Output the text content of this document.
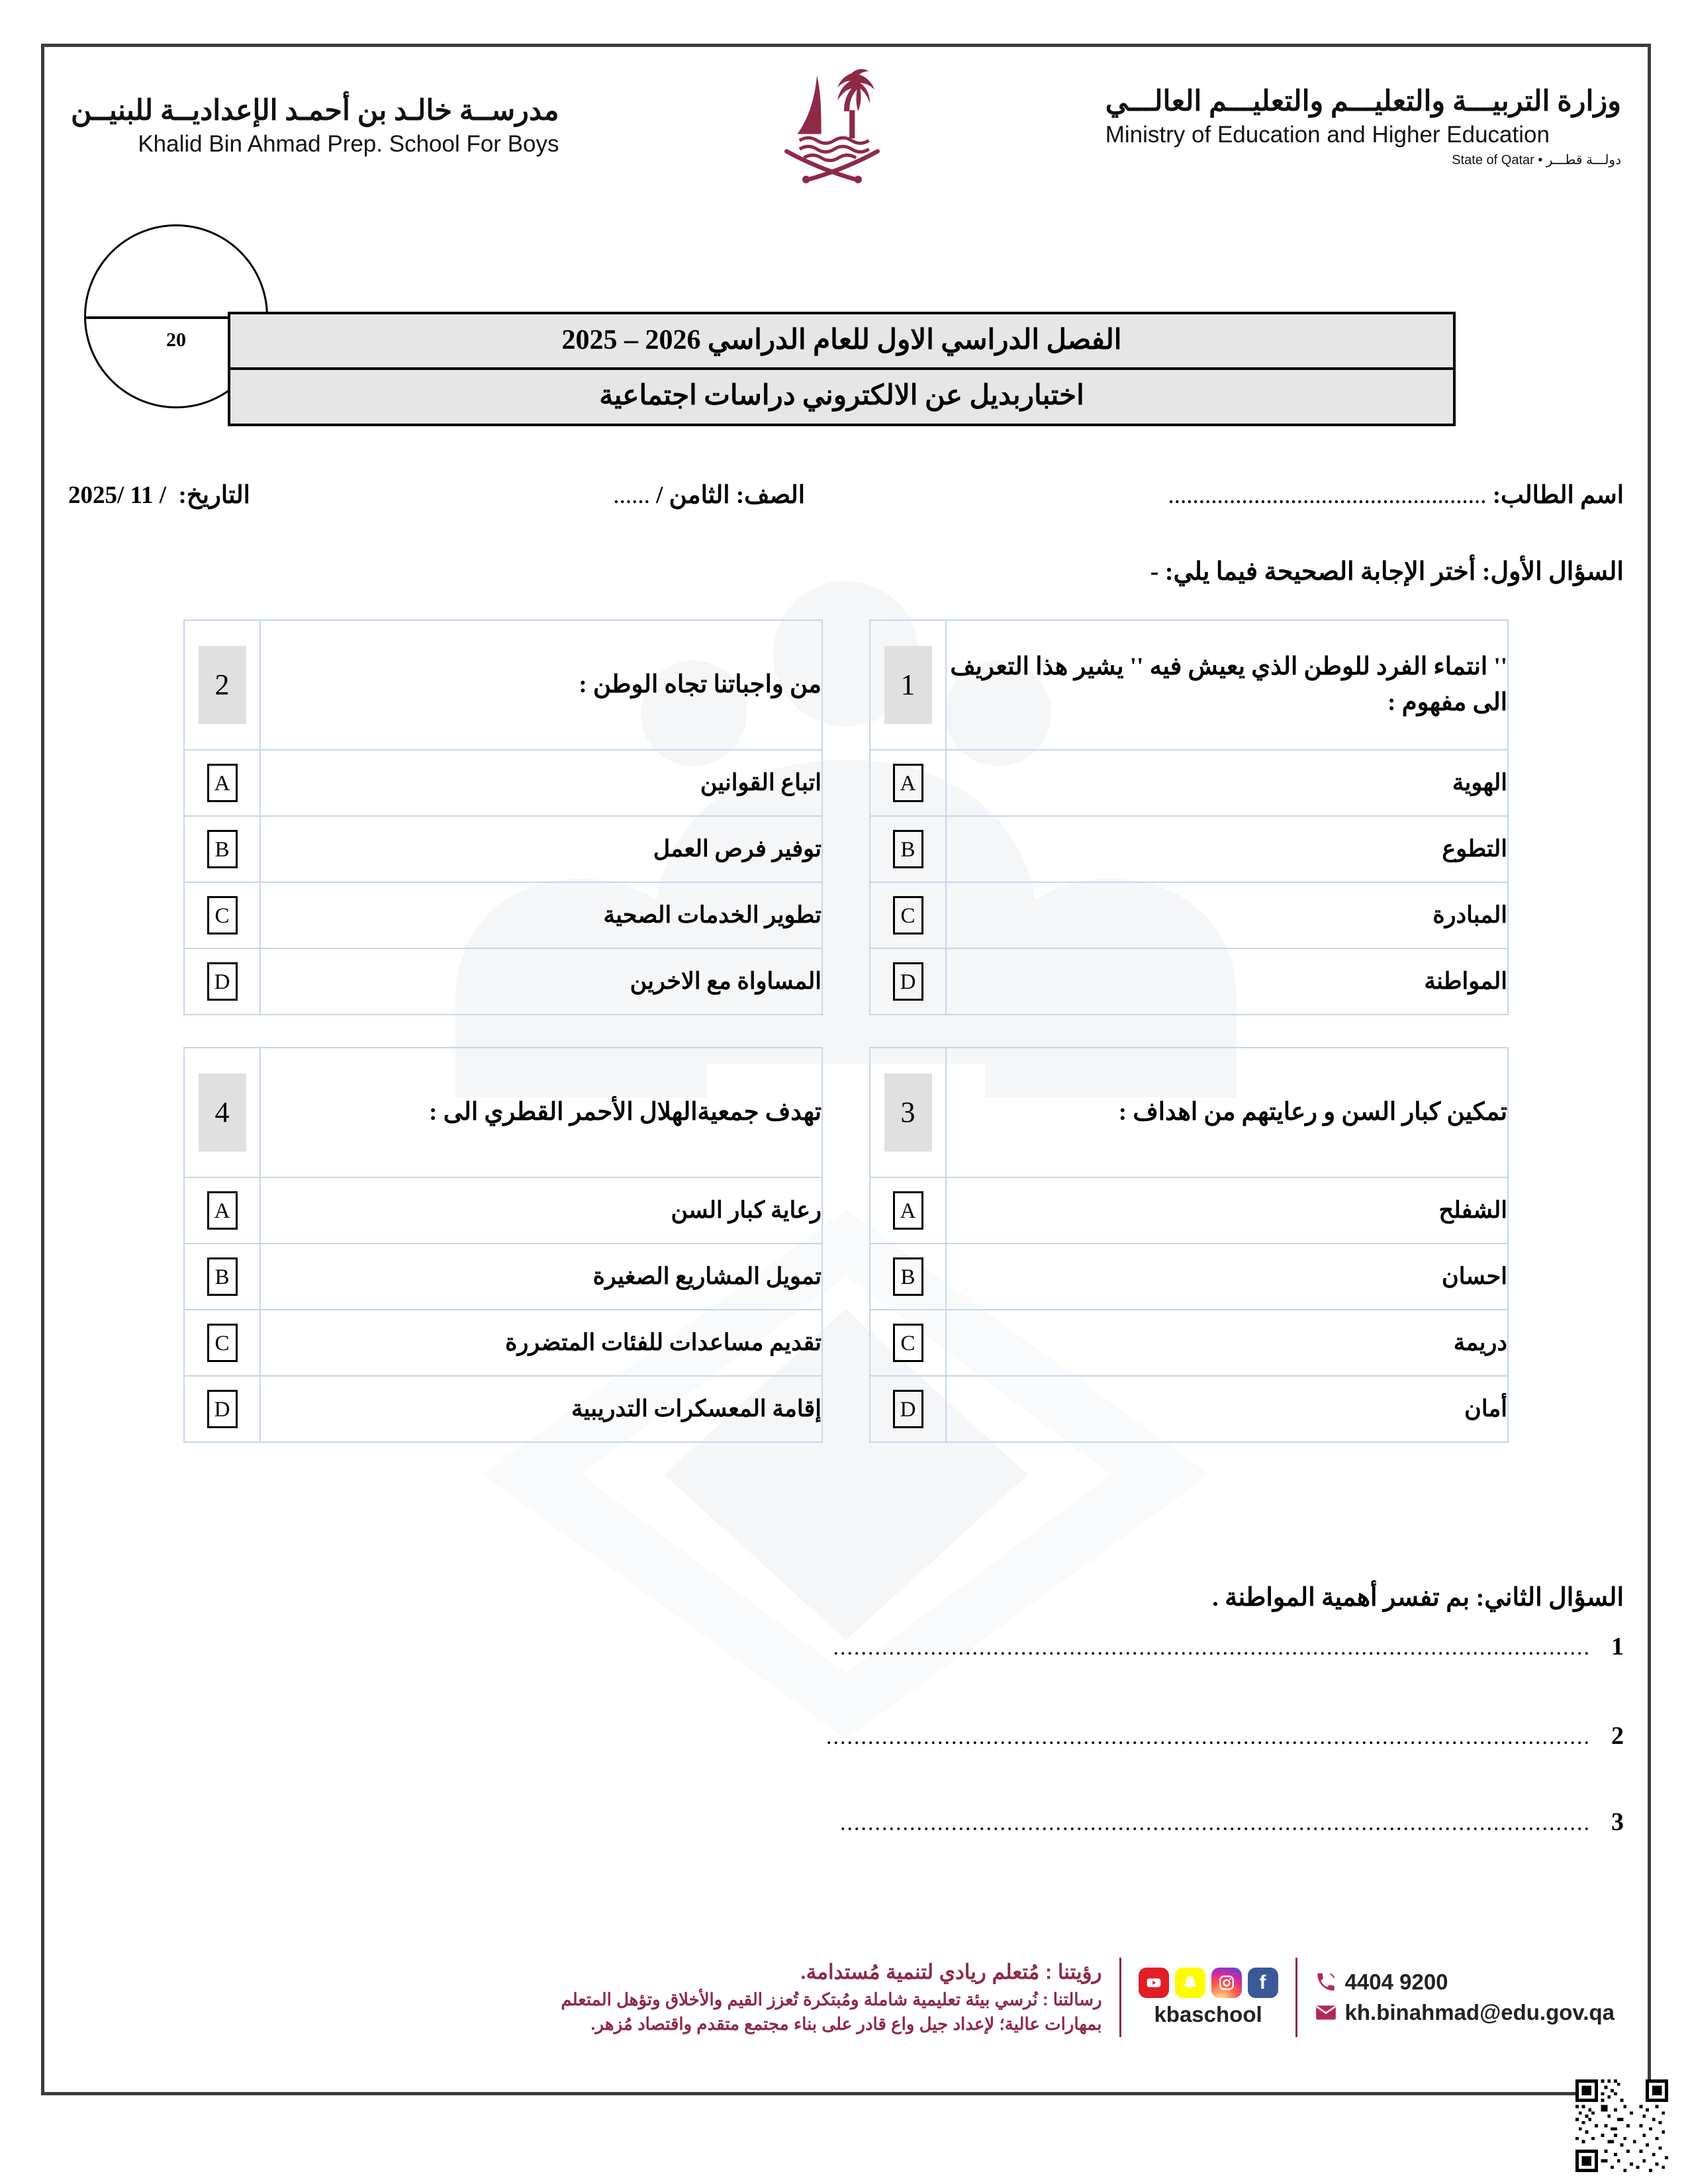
وزارة التربيـــة والتعليـــم والتعليـــم العالـــي
Ministry of Education and Higher Education
دولـــة قطـــر • State of Qatar
مدرســة خالـد بن أحمـد الإعداديــة للبنيــن
Khalid Bin Ahmad Prep. School For Boys
20	الفصل الدراسي الاول للعام الدراسي 2026 – 2025
اختباربديل عن الالكتروني دراسات اجتماعية
اسم الطالب: ....................................................
الصف: الثامن / ......
التاريخ:  / 11 /2025
السؤال الأول: أختر الإجابة الصحيحة فيما يلي: -
'' انتماء الفرد للوطن الذي يعيش فيه '' يشير هذا التعريف الى مفهوم :	1
الهوية	A
التطوع	B
المبادرة	C
المواطنة	D
من واجباتنا تجاه الوطن :	2
اتباع القوانين	A
توفير فرص العمل	B
تطوير الخدمات الصحية	C
المساواة مع الاخرين	D
تمكين كبار السن و رعايتهم من اهداف :	3
الشفلح	A
احسان	B
دريمة	C
أمان	D
تهدف جمعيةالهلال الأحمر القطري الى :	4
رعاية كبار السن	A
تمويل المشاريع الصغيرة	B
تقديم مساعدات للفئات المتضررة	C
إقامة المعسكرات التدريبية	D
السؤال الثاني: بم تفسر أهمية المواطنة .
1
.............................................................................................................
2
..............................................................................................................
3
............................................................................................................
4404 9200
kh.binahmad@edu.gov.qa
f
kbaschool
رؤيتنا : مُتعلم ريادي لتنمية مُستدامة.
رسالتنا : نُرسي بيئة تعليمية شاملة ومُبتكرة تُعزز القيم والأخلاق وتؤهل المتعلم
بمهارات عالية؛ لإعداد جيل واع قادر على بناء مجتمع متقدم واقتصاد مُزهر.
